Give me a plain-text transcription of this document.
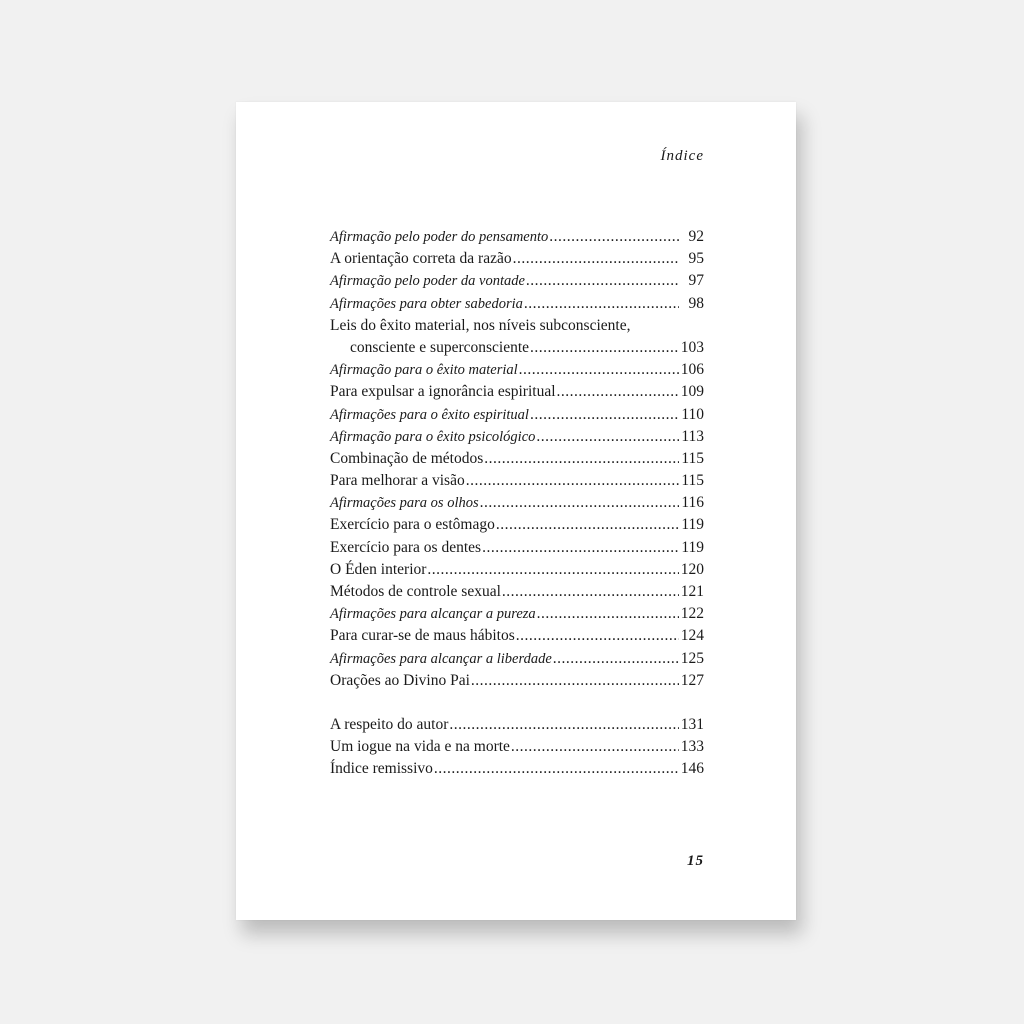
Índice
Afirmação pelo poder do pensamento .....	92
A orientação correta da razão .....	95
Afirmação pelo poder da vontade .....	97
Afirmações para obter sabedoria .....	98
Leis do êxito material, nos níveis subconsciente,
consciente e superconsciente .....	103
Afirmação para o êxito material .....	106
Para expulsar a ignorância espiritual .....	109
Afirmações para o êxito espiritual .....	110
Afirmação para o êxito psicológico .....	113
Combinação de métodos .....	115
Para melhorar a visão .....	115
Afirmações para os olhos .....	116
Exercício para o estômago .....	119
Exercício para os dentes .....	119
O Éden interior .....	120
Métodos de controle sexual .....	121
Afirmações para alcançar a pureza .....	122
Para curar-se de maus hábitos .....	124
Afirmações para alcançar a liberdade .....	125
Orações ao Divino Pai .....	127
A respeito do autor .....	131
Um iogue na vida e na morte .....	133
Índice remissivo .....	146
15
